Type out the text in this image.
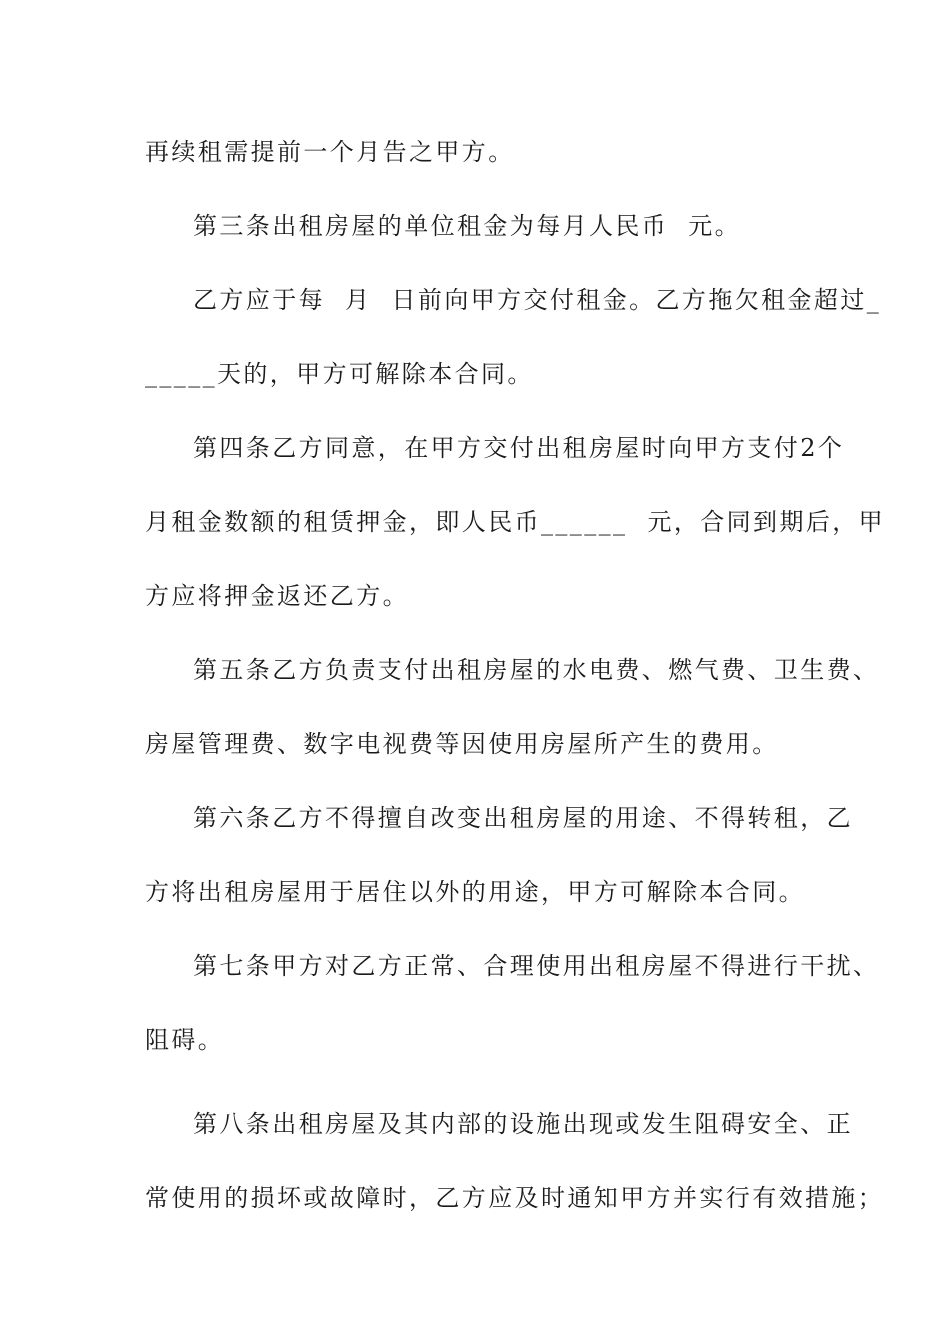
再续租需提前一个月告之甲方。
第三条出租房屋的单位租金为每月人民币  元。
乙方应于每  月  日前向甲方交付租金。乙方拖欠租金超过_
_____天的，甲方可解除本合同。
第四条乙方同意，在甲方交付出租房屋时向甲方支付2个
月租金数额的租赁押金，即人民币______  元，合同到期后，甲
方应将押金返还乙方。
第五条乙方负责支付出租房屋的水电费、燃气费、卫生费、
房屋管理费、数字电视费等因使用房屋所产生的费用。
第六条乙方不得擅自改变出租房屋的用途、不得转租，乙
方将出租房屋用于居住以外的用途，甲方可解除本合同。
第七条甲方对乙方正常、合理使用出租房屋不得进行干扰、
阻碍。
第八条出租房屋及其内部的设施出现或发生阻碍安全、正
常使用的损坏或故障时，乙方应及时通知甲方并实行有效措施；
